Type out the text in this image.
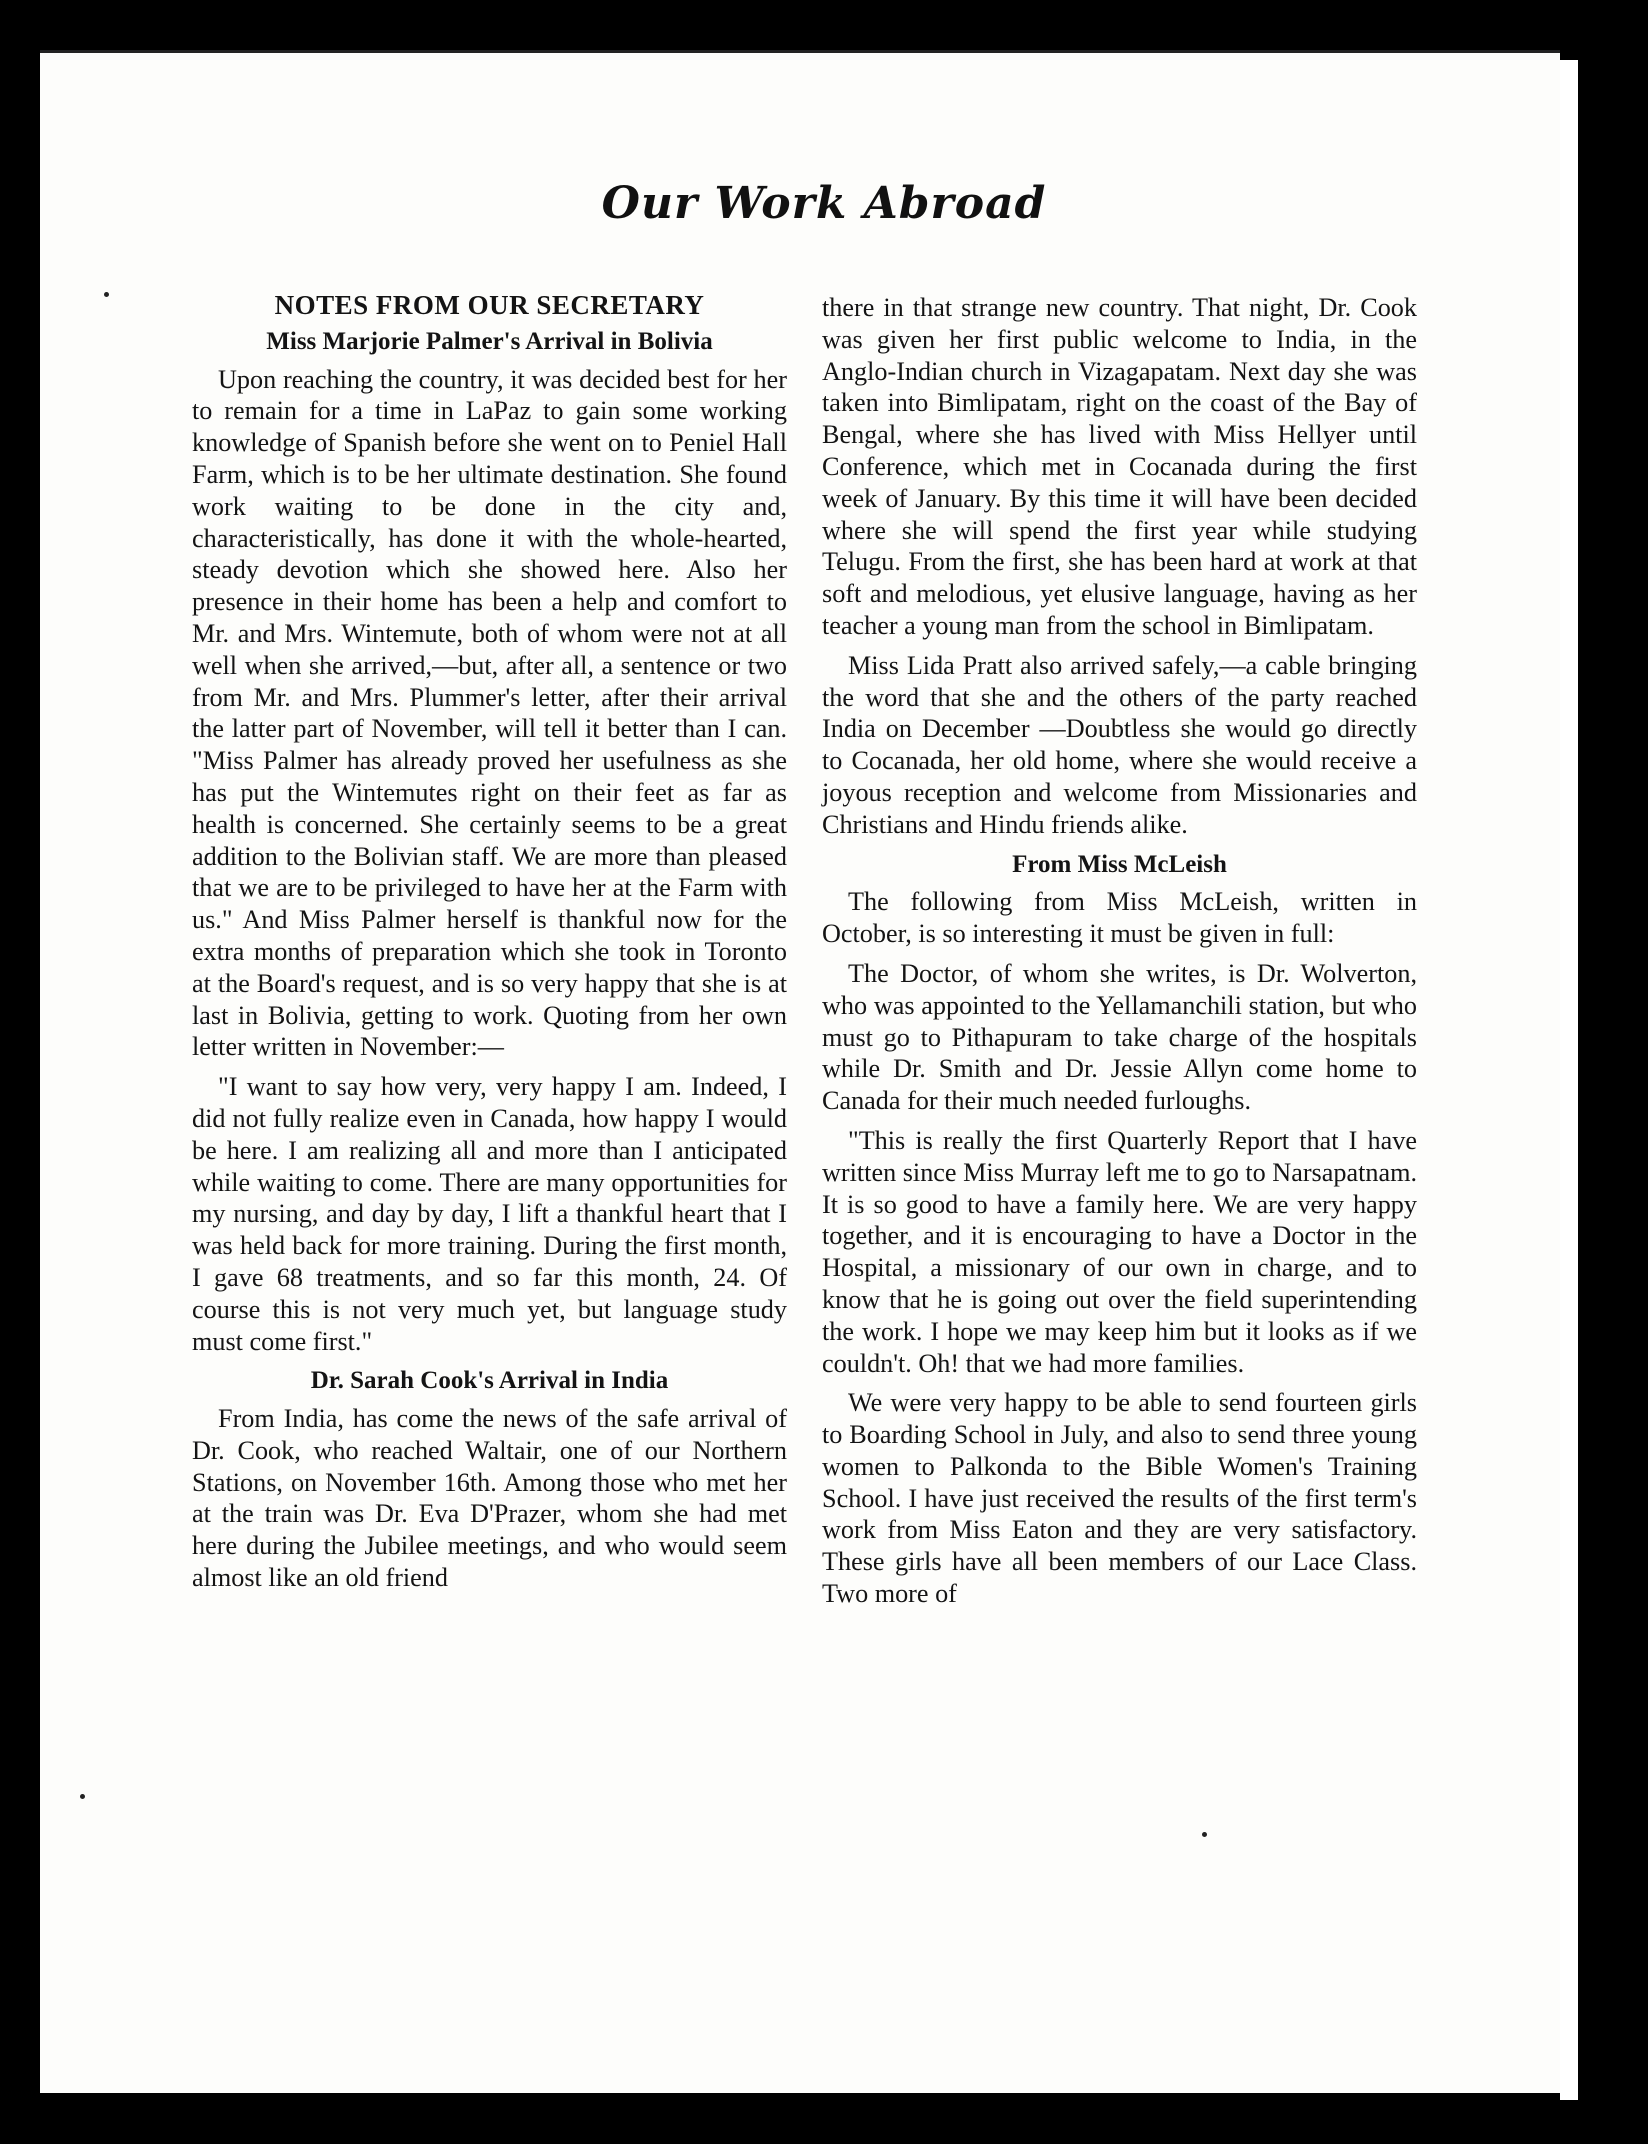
Our Work Abroad
NOTES FROM OUR SECRETARY
Miss Marjorie Palmer's Arrival in Bolivia

Upon reaching the country, it was decided best for her to remain for a time in LaPaz to gain some working knowledge of Spanish before she went on to Peniel Hall Farm, which is to be her ultimate destination. She found work waiting to be done in the city and, characteristically, has done it with the whole-hearted, steady devotion which she showed here. Also her presence in their home has been a help and comfort to Mr. and Mrs. Wintemute, both of whom were not at all well when she arrived,—but, after all, a sentence or two from Mr. and Mrs. Plummer's letter, after their arrival the latter part of November, will tell it better than I can. "Miss Palmer has already proved her usefulness as she has put the Wintemutes right on their feet as far as health is concerned. She certainly seems to be a great addition to the Bolivian staff. We are more than pleased that we are to be privileged to have her at the Farm with us." And Miss Palmer herself is thankful now for the extra months of preparation which she took in Toronto at the Board's request, and is so very happy that she is at last in Bolivia, getting to work. Quoting from her own letter written in November:—

"I want to say how very, very happy I am. Indeed, I did not fully realize even in Canada, how happy I would be here. I am realizing all and more than I anticipated while waiting to come. There are many opportunities for my nursing, and day by day, I lift a thankful heart that I was held back for more training. During the first month, I gave 68 treatments, and so far this month, 24. Of course this is not very much yet, but language study must come first."

Dr. Sarah Cook's Arrival in India

From India, has come the news of the safe arrival of Dr. Cook, who reached Waltair, one of our Northern Stations, on November 16th. Among those who met her at the train was Dr. Eva D'Prazer, whom she had met here during the Jubilee meetings, and who would seem almost like an old friend

there in that strange new country. That night, Dr. Cook was given her first public welcome to India, in the Anglo-Indian church in Vizagapatam. Next day she was taken into Bimlipatam, right on the coast of the Bay of Bengal, where she has lived with Miss Hellyer until Conference, which met in Cocanada during the first week of January. By this time it will have been decided where she will spend the first year while studying Telugu. From the first, she has been hard at work at that soft and melodious, yet elusive language, having as her teacher a young man from the school in Bimlipatam.

Miss Lida Pratt also arrived safely,—a cable bringing the word that she and the others of the party reached India on December —Doubtless she would go directly to Cocanada, her old home, where she would receive a joyous reception and welcome from Missionaries and Christians and Hindu friends alike.

From Miss McLeish

The following from Miss McLeish, written in October, is so interesting it must be given in full:

The Doctor, of whom she writes, is Dr. Wolverton, who was appointed to the Yellamanchili station, but who must go to Pithapuram to take charge of the hospitals while Dr. Smith and Dr. Jessie Allyn come home to Canada for their much needed furloughs.

"This is really the first Quarterly Report that I have written since Miss Murray left me to go to Narsapatnam. It is so good to have a family here. We are very happy together, and it is encouraging to have a Doctor in the Hospital, a missionary of our own in charge, and to know that he is going out over the field superintending the work. I hope we may keep him but it looks as if we couldn't. Oh! that we had more families.

We were very happy to be able to send fourteen girls to Boarding School in July, and also to send three young women to Palkonda to the Bible Women's Training School. I have just received the results of the first term's work from Miss Eaton and they are very satisfactory. These girls have all been members of our Lace Class. Two more of
